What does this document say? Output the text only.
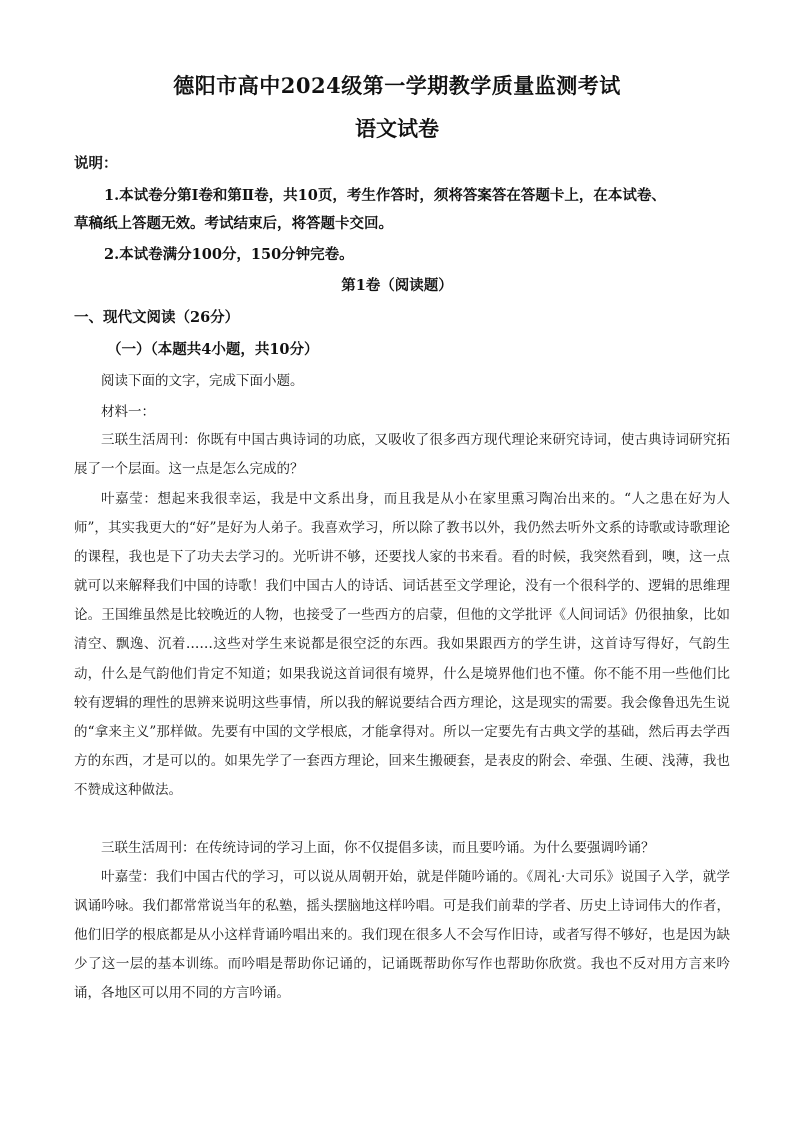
德阳市高中2024级第一学期教学质量监测考试
语文试卷
说明：
1.本试卷分第Ⅰ卷和第Ⅱ卷，共10页，考生作答时，须将答案答在答题卡上，在本试卷、
草稿纸上答题无效。考试结束后，将答题卡交回。
2.本试卷满分100分，150分钟完卷。
第1卷（阅读题）
一、现代文阅读（26分）
（一）（本题共4小题，共10分）
阅读下面的文字，完成下面小题。
材料一：

三联生活周刊：你既有中国古典诗词的功底，又吸收了很多西方现代理论来研究诗词，使古典诗词研究拓展了一个层面。这一点是怎么完成的？

叶嘉莹：想起来我很幸运，我是中文系出身，而且我是从小在家里熏习陶冶出来的。“人之患在好为人师”，其实我更大的“好”是好为人弟子。我喜欢学习，所以除了教书以外，我仍然去听外文系的诗歌或诗歌理论的课程，我也是下了功夫去学习的。光听讲不够，还要找人家的书来看。看的时候，我突然看到，噢，这一点就可以来解释我们中国的诗歌！我们中国古人的诗话、词话甚至文学理论，没有一个很科学的、逻辑的思维理论。王国维虽然是比较晚近的人物，也接受了一些西方的启蒙，但他的文学批评《人间词话》仍很抽象，比如清空、飘逸、沉着……这些对学生来说都是很空泛的东西。我如果跟西方的学生讲，这首诗写得好，气韵生动，什么是气韵他们肯定不知道；如果我说这首词很有境界，什么是境界他们也不懂。你不能不用一些他们比较有逻辑的理性的思辨来说明这些事情，所以我的解说要结合西方理论，这是现实的需要。我会像鲁迅先生说的“拿来主义”那样做。先要有中国的文学根底，才能拿得对。所以一定要先有古典文学的基础，然后再去学西方的东西，才是可以的。如果先学了一套西方理论，回来生搬硬套，是表皮的附会、牵强、生硬、浅薄，我也不赞成这种做法。

三联生活周刊：在传统诗词的学习上面，你不仅提倡多读，而且要吟诵。为什么要强调吟诵？

叶嘉莹：我们中国古代的学习，可以说从周朝开始，就是伴随吟诵的。《周礼·大司乐》说国子入学，就学讽诵吟咏。我们都常常说当年的私塾，摇头摆脑地这样吟唱。可是我们前辈的学者、历史上诗词伟大的作者，他们旧学的根底都是从小这样背诵吟唱出来的。我们现在很多人不会写作旧诗，或者写得不够好，也是因为缺少了这一层的基本训练。而吟唱是帮助你记诵的，记诵既帮助你写作也帮助你欣赏。我也不反对用方言来吟诵，各地区可以用不同的方言吟诵。
